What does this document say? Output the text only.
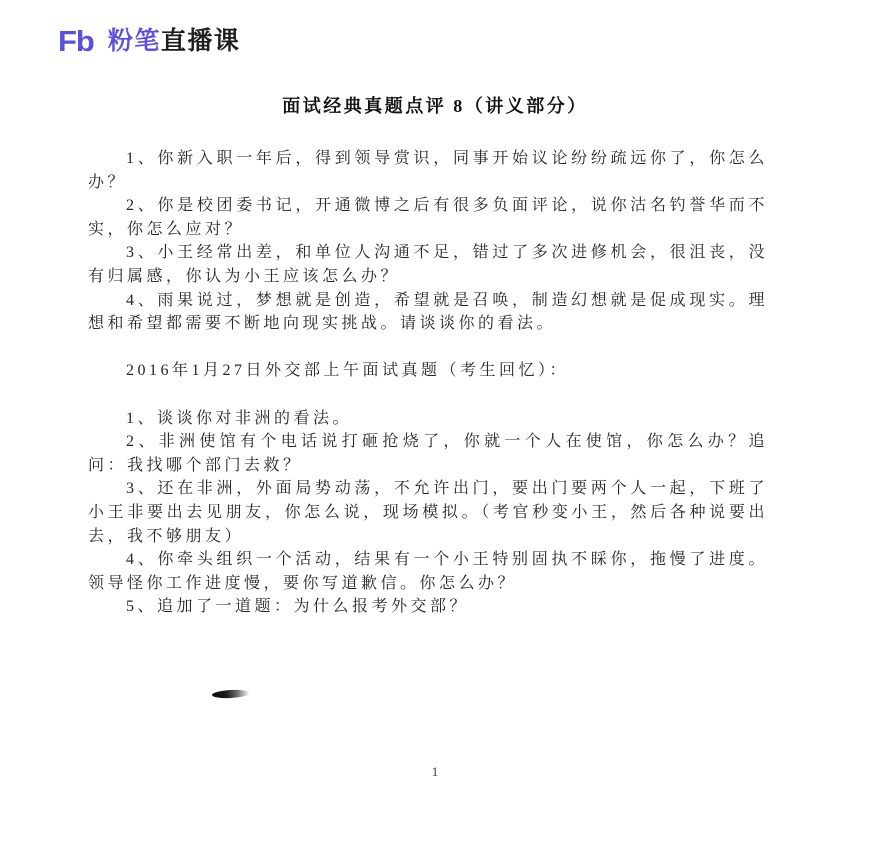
Fb 粉笔直播课
面试经典真题点评 8（讲义部分）

1、你新入职一年后，得到领导赏识，同事开始议论纷纷疏远你了，你怎么办？

2、你是校团委书记，开通微博之后有很多负面评论，说你沽名钓誉华而不实，你怎么应对？

3、小王经常出差，和单位人沟通不足，错过了多次进修机会，很沮丧，没有归属感，你认为小王应该怎么办？

4、雨果说过，梦想就是创造，希望就是召唤，制造幻想就是促成现实。理想和希望都需要不断地向现实挑战。请谈谈你的看法。

2016年1月27日外交部上午面试真题（考生回忆）：

1、谈谈你对非洲的看法。

2、非洲使馆有个电话说打砸抢烧了，你就一个人在使馆，你怎么办？追问：我找哪个部门去救？

3、还在非洲，外面局势动荡，不允许出门，要出门要两个人一起，下班了小王非要出去见朋友，你怎么说，现场模拟。（考官秒变小王，然后各种说要出去，我不够朋友）

4、你牵头组织一个活动，结果有一个小王特别固执不睬你，拖慢了进度。领导怪你工作进度慢，要你写道歉信。你怎么办？

5、追加了一道题：为什么报考外交部？

1
